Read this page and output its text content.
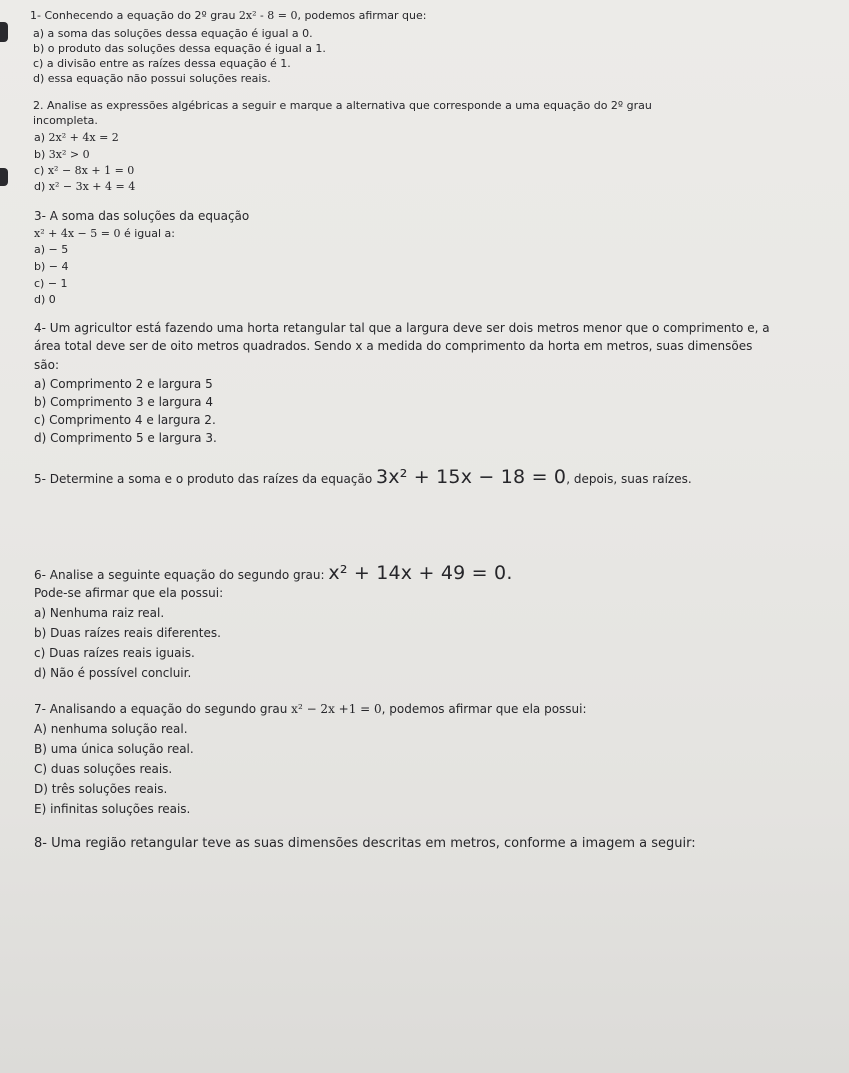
1- Conhecendo a equação do 2º grau 2x² - 8 = 0, podemos afirmar que:
a) a soma das soluções dessa equação é igual a 0.
b) o produto das soluções dessa equação é igual a 1.
c) a divisão entre as raízes dessa equação é 1.
d) essa equação não possui soluções reais.
2. Analise as expressões algébricas a seguir e marque a alternativa que corresponde a uma equação do 2º grau
incompleta.
a) 2x² + 4x = 2
b) 3x² > 0
c) x² − 8x + 1 = 0
d) x² − 3x + 4 = 4
3- A soma das soluções da equação
x² + 4x − 5 = 0 é igual a:
a) − 5
b) − 4
c) − 1
d) 0
4- Um agricultor está fazendo uma horta retangular tal que a largura deve ser dois metros menor que o comprimento e, a
área total deve ser de oito metros quadrados. Sendo x a medida do comprimento da horta em metros, suas dimensões
são:
a) Comprimento 2 e largura 5
b) Comprimento 3 e largura 4
c) Comprimento 4 e largura 2.
d) Comprimento 5 e largura 3.
5- Determine a soma e o produto das raízes da equação 3x² + 15x − 18 = 0, depois, suas raízes.
6- Analise a seguinte equação do segundo grau: x² + 14x + 49 = 0.
Pode-se afirmar que ela possui:
a) Nenhuma raiz real.
b) Duas raízes reais diferentes.
c) Duas raízes reais iguais.
d) Não é possível concluir.
7- Analisando a equação do segundo grau x² − 2x +1 = 0, podemos afirmar que ela possui:
A) nenhuma solução real.
B) uma única solução real.
C) duas soluções reais.
D) três soluções reais.
E) infinitas soluções reais.
8- Uma região retangular teve as suas dimensões descritas em metros, conforme a imagem a seguir:
